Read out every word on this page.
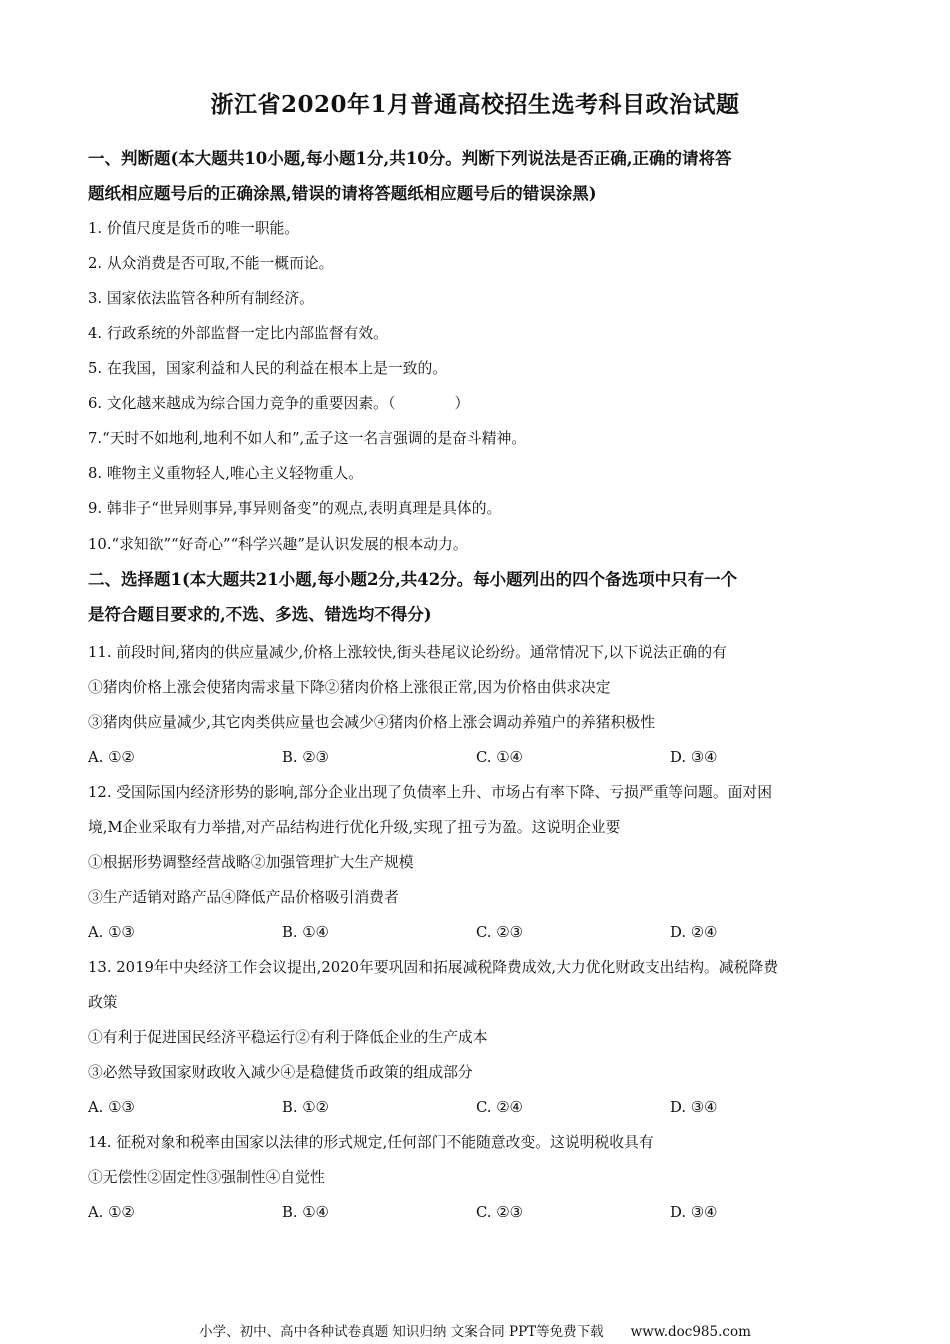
浙江省2020年1月普通高校招生选考科目政治试题
一、判断题(本大题共10小题,每小题1分,共10分。判断下列说法是否正确,正确的请将答
题纸相应题号后的正确涂黑,错误的请将答题纸相应题号后的错误涂黑)
1. 价值尺度是货币的唯一职能。
2. 从众消费是否可取,不能一概而论。
3. 国家依法监管各种所有制经济。
4. 行政系统的外部监督一定比内部监督有效。
5. 在我国，国家利益和人民的利益在根本上是一致的。
6. 文化越来越成为综合国力竞争的重要因素。（　　　　）
7.“天时不如地利,地利不如人和”,孟子这一名言强调的是奋斗精神。
8. 唯物主义重物轻人,唯心主义轻物重人。
9. 韩非子“世异则事异,事异则备变”的观点,表明真理是具体的。
10.“求知欲”“好奇心”“科学兴趣”是认识发展的根本动力。
二、选择题1(本大题共21小题,每小题2分,共42分。每小题列出的四个备选项中只有一个
是符合题目要求的,不选、多选、错选均不得分)
11. 前段时间,猪肉的供应量减少,价格上涨较快,街头巷尾议论纷纷。通常情况下,以下说法正确的有
①猪肉价格上涨会使猪肉需求量下降②猪肉价格上涨很正常,因为价格由供求决定
③猪肉供应量减少,其它肉类供应量也会减少④猪肉价格上涨会调动养殖户的养猪积极性
A. ①②	B. ②③	C. ①④	D. ③④
12. 受国际国内经济形势的影响,部分企业出现了负债率上升、市场占有率下降、亏损严重等问题。面对困
境,M企业采取有力举措,对产品结构进行优化升级,实现了扭亏为盈。这说明企业要
①根据形势调整经营战略②加强管理扩大生产规模
③生产适销对路产品④降低产品价格吸引消费者
A. ①③	B. ①④	C. ②③	D. ②④
13. 2019年中央经济工作会议提出,2020年要巩固和拓展减税降费成效,大力优化财政支出结构。减税降费
政策
①有利于促进国民经济平稳运行②有利于降低企业的生产成本
③必然导致国家财政收入减少④是稳健货币政策的组成部分
A. ①③	B. ①②	C. ②④	D. ③④
14. 征税对象和税率由国家以法律的形式规定,任何部门不能随意改变。这说明税收具有
①无偿性②固定性③强制性④自觉性
A. ①②	B. ①④	C. ②③	D. ③④
小学、初中、高中各种试卷真题 知识归纳 文案合同 PPT等免费下载　　www.doc985.com
